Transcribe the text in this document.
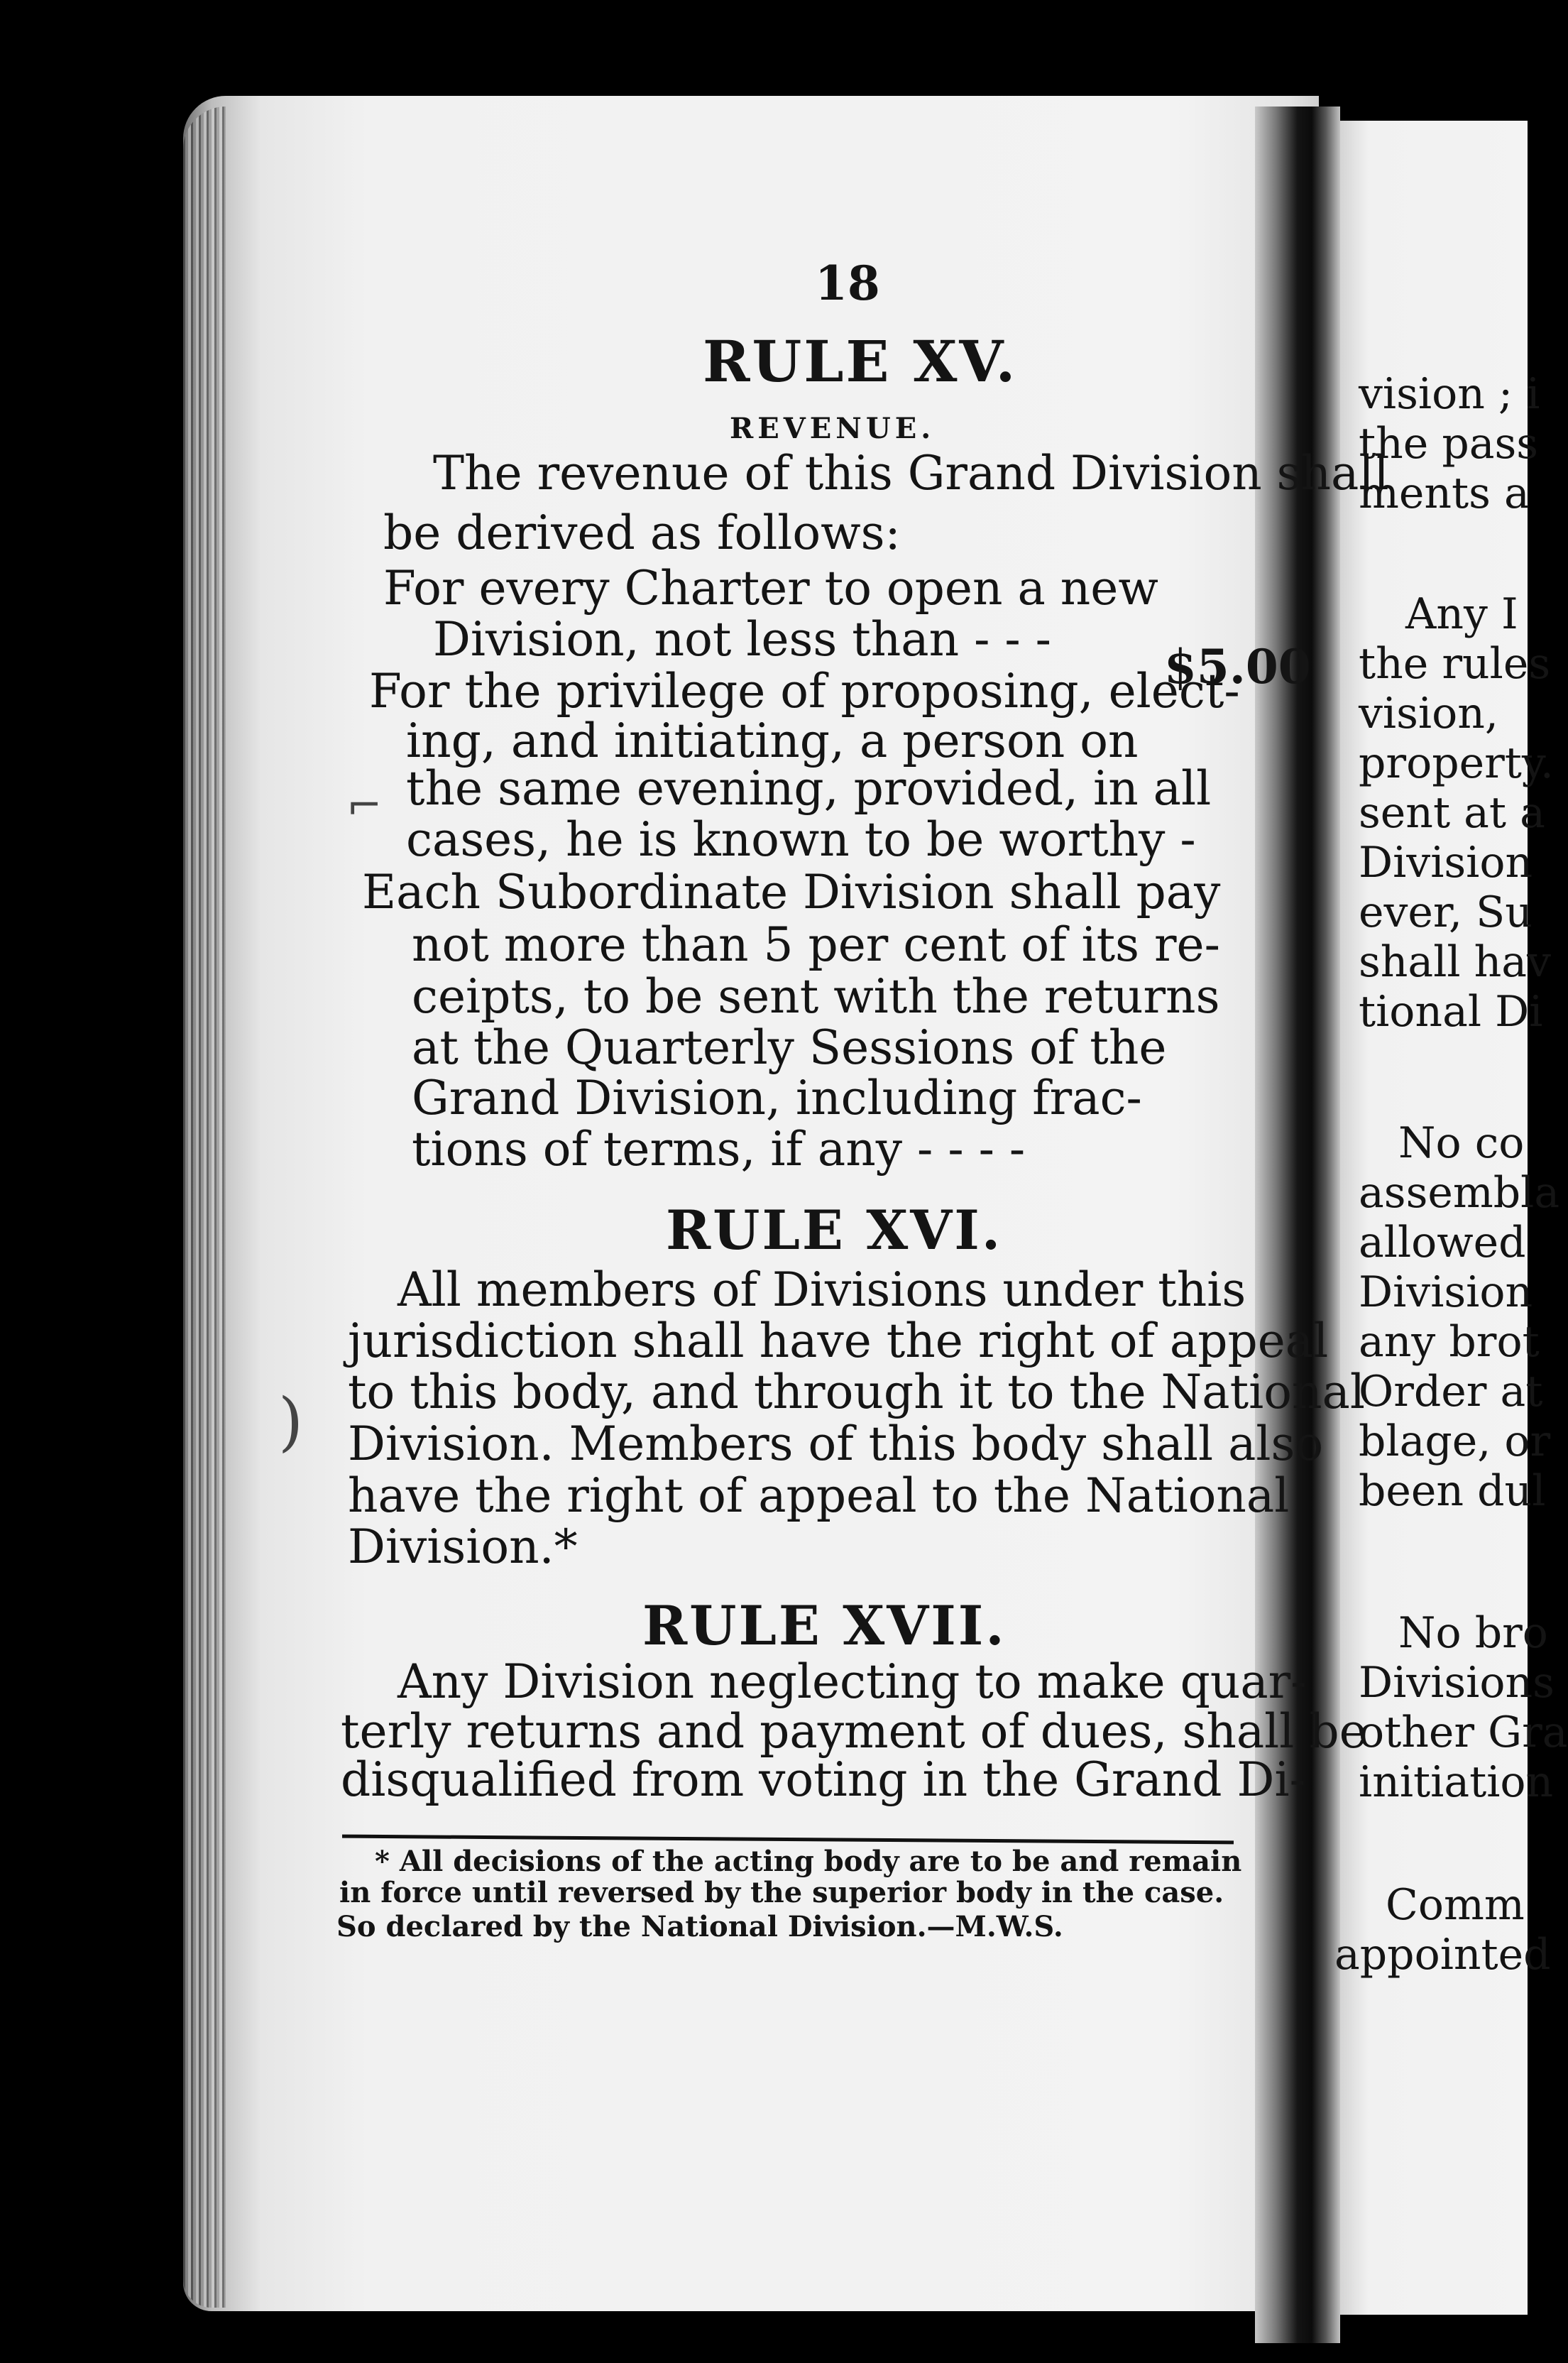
18
RULE XV.
REVENUE.
The revenue of this Grand Division shall
be derived as follows:
For every Charter to open a new
Division, not less than - - - $5.00
For the privilege of proposing, elect-
ing, and initiating, a person on
the same evening, provided, in all
cases, he is known to be worthy -
Each Subordinate Division shall pay
not more than 5 per cent of its re-
ceipts, to be sent with the returns
at the Quarterly Sessions of the
Grand Division, including frac-
tions of terms, if any - - - -
RULE XVI.
All members of Divisions under this
jurisdiction shall have the right of appeal
to this body, and through it to the National
Division. Members of this body shall also
have the right of appeal to the National
Division.*
RULE XVII.
Any Division neglecting to make quar-
terly returns and payment of dues, shall be
disqualified from voting in the Grand Di-
* All decisions of the acting body are to be and remain
in force until reversed by the superior body in the case.
So declared by the National Division.—M.W.S.
⌐
)
vision ; i
the pass
ments a
Any I
the rules
vision,
property.
sent at a
Division
ever, Su
shall hav
tional Di
No co
assembla
allowed
Division
any brot
Order at
blage, or
been dul
No bro
Divisions
other Gra
initiation
Comm
appointed
